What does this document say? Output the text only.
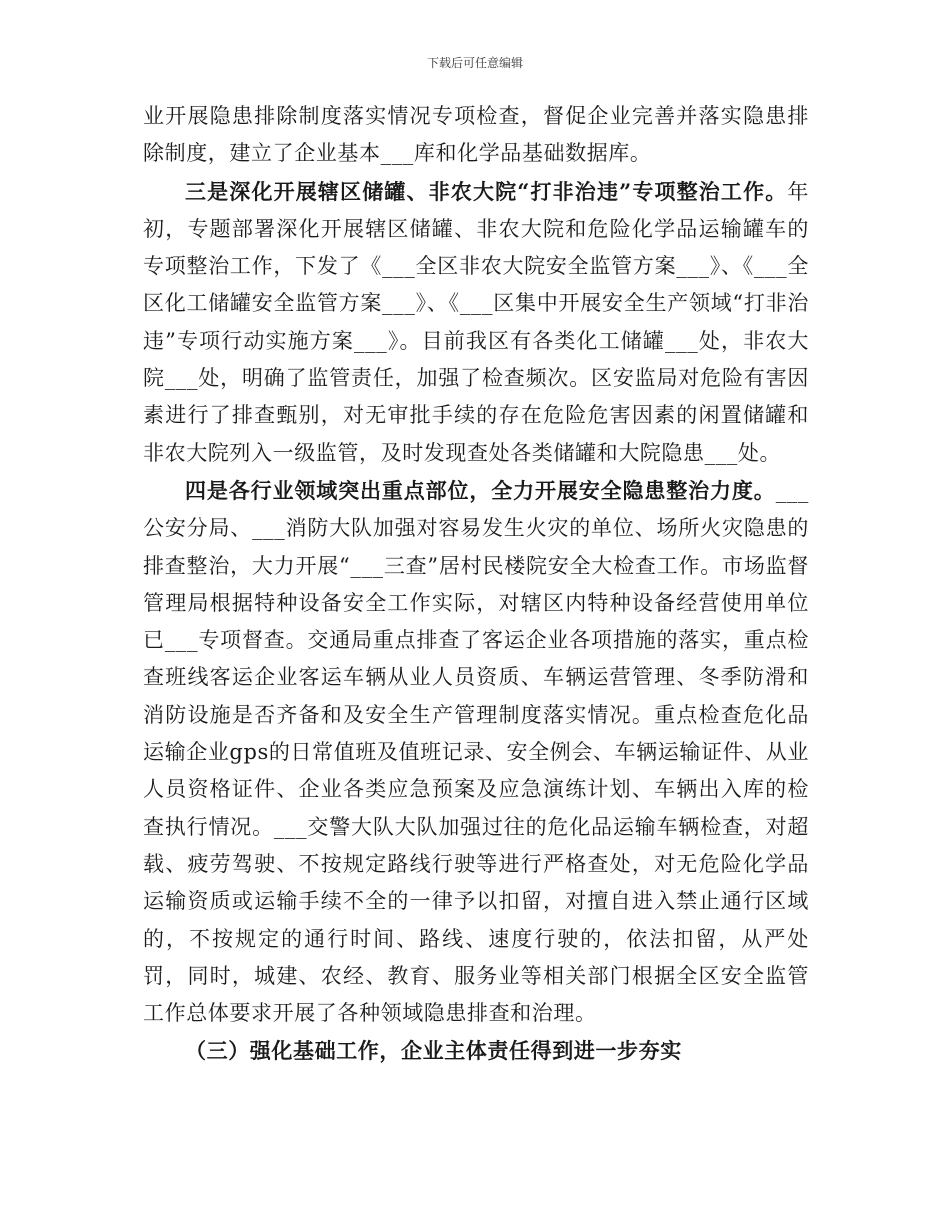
下载后可任意编辑

业开展隐患排除制度落实情况专项检查，督促企业完善并落实隐患排除制度，建立了企业基本___库和化学品基础数据库。

三是深化开展辖区储罐、非农大院“打非治违”专项整治工作。年初，专题部署深化开展辖区储罐、非农大院和危险化学品运输罐车的专项整治工作，下发了《___全区非农大院安全监管方案___》、《___全区化工储罐安全监管方案___》、《___区集中开展安全生产领域“打非治违”专项行动实施方案___》。目前我区有各类化工储罐___处，非农大院___处，明确了监管责任，加强了检查频次。区安监局对危险有害因素进行了排查甄别，对无审批手续的存在危险危害因素的闲置储罐和非农大院列入一级监管，及时发现查处各类储罐和大院隐患___处。

四是各行业领域突出重点部位，全力开展安全隐患整治力度。___公安分局、___消防大队加强对容易发生火灾的单位、场所火灾隐患的排查整治，大力开展“___三查”居村民楼院安全大检查工作。市场监督管理局根据特种设备安全工作实际，对辖区内特种设备经营使用单位已___专项督查。交通局重点排查了客运企业各项措施的落实，重点检查班线客运企业客运车辆从业人员资质、车辆运营管理、冬季防滑和消防设施是否齐备和及安全生产管理制度落实情况。重点检查危化品运输企业gps的日常值班及值班记录、安全例会、车辆运输证件、从业人员资格证件、企业各类应急预案及应急演练计划、车辆出入库的检查执行情况。___交警大队大队加强过往的危化品运输车辆检查，对超载、疲劳驾驶、不按规定路线行驶等进行严格查处，对无危险化学品运输资质或运输手续不全的一律予以扣留，对擅自进入禁止通行区域的，不按规定的通行时间、路线、速度行驶的，依法扣留，从严处罚，同时，城建、农经、教育、服务业等相关部门根据全区安全监管工作总体要求开展了各种领域隐患排查和治理。

（三）强化基础工作，企业主体责任得到进一步夯实
